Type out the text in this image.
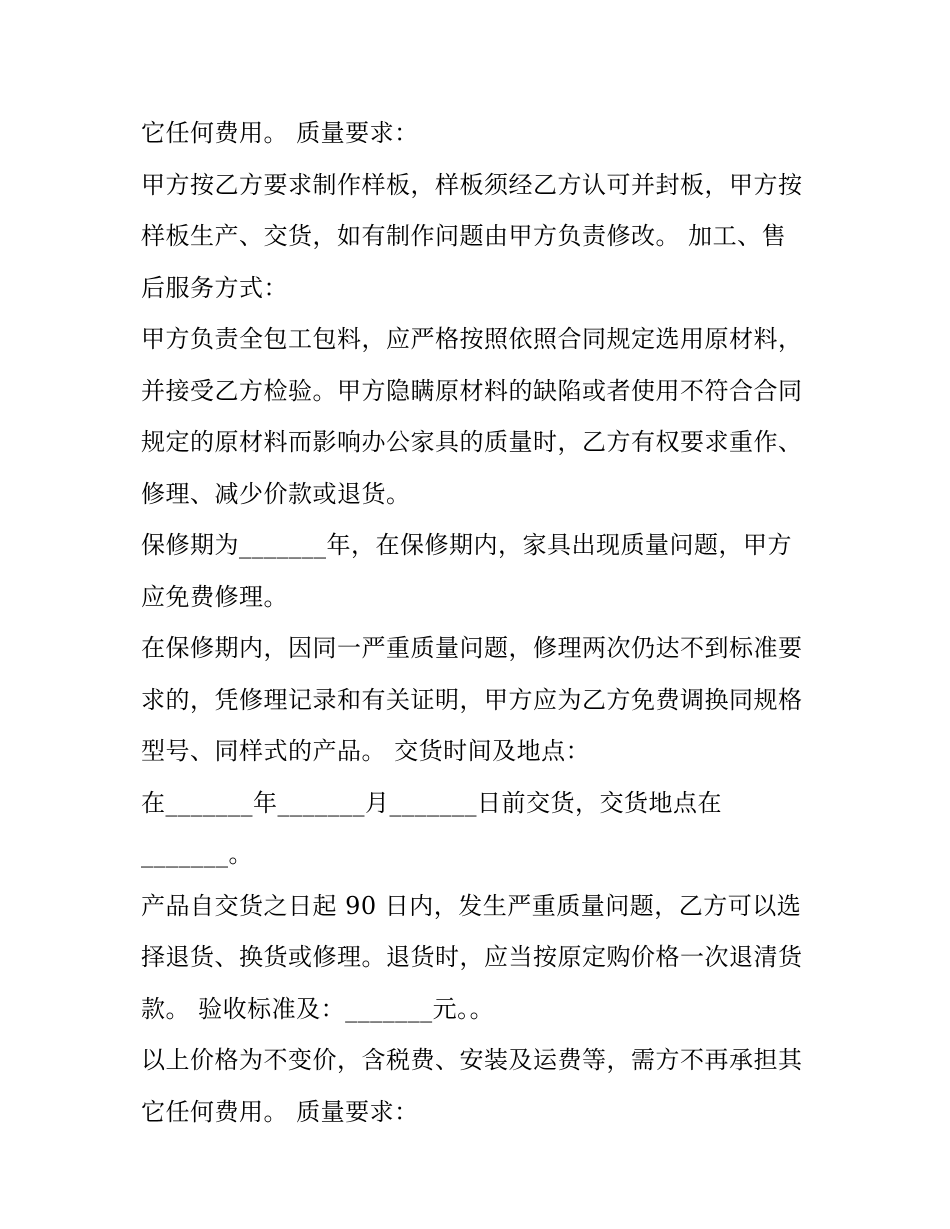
它任何费用。 质量要求：
甲方按乙方要求制作样板，样板须经乙方认可并封板，甲方按
样板生产、交货，如有制作问题由甲方负责修改。 加工、售
后服务方式：
甲方负责全包工包料，应严格按照依照合同规定选用原材料，
并接受乙方检验。甲方隐瞒原材料的缺陷或者使用不符合合同
规定的原材料而影响办公家具的质量时，乙方有权要求重作、
修理、减少价款或退货。
保修期为_______年，在保修期内，家具出现质量问题，甲方
应免费修理。
在保修期内，因同一严重质量问题，修理两次仍达不到标准要
求的，凭修理记录和有关证明，甲方应为乙方免费调换同规格
型号、同样式的产品。 交货时间及地点：
在_______年_______月_______日前交货，交货地点在
_______。
产品自交货之日起 90 日内，发生严重质量问题，乙方可以选
择退货、换货或修理。退货时，应当按原定购价格一次退清货
款。 验收标准及：_______元。。
以上价格为不变价，含税费、安装及运费等，需方不再承担其
它任何费用。 质量要求：
